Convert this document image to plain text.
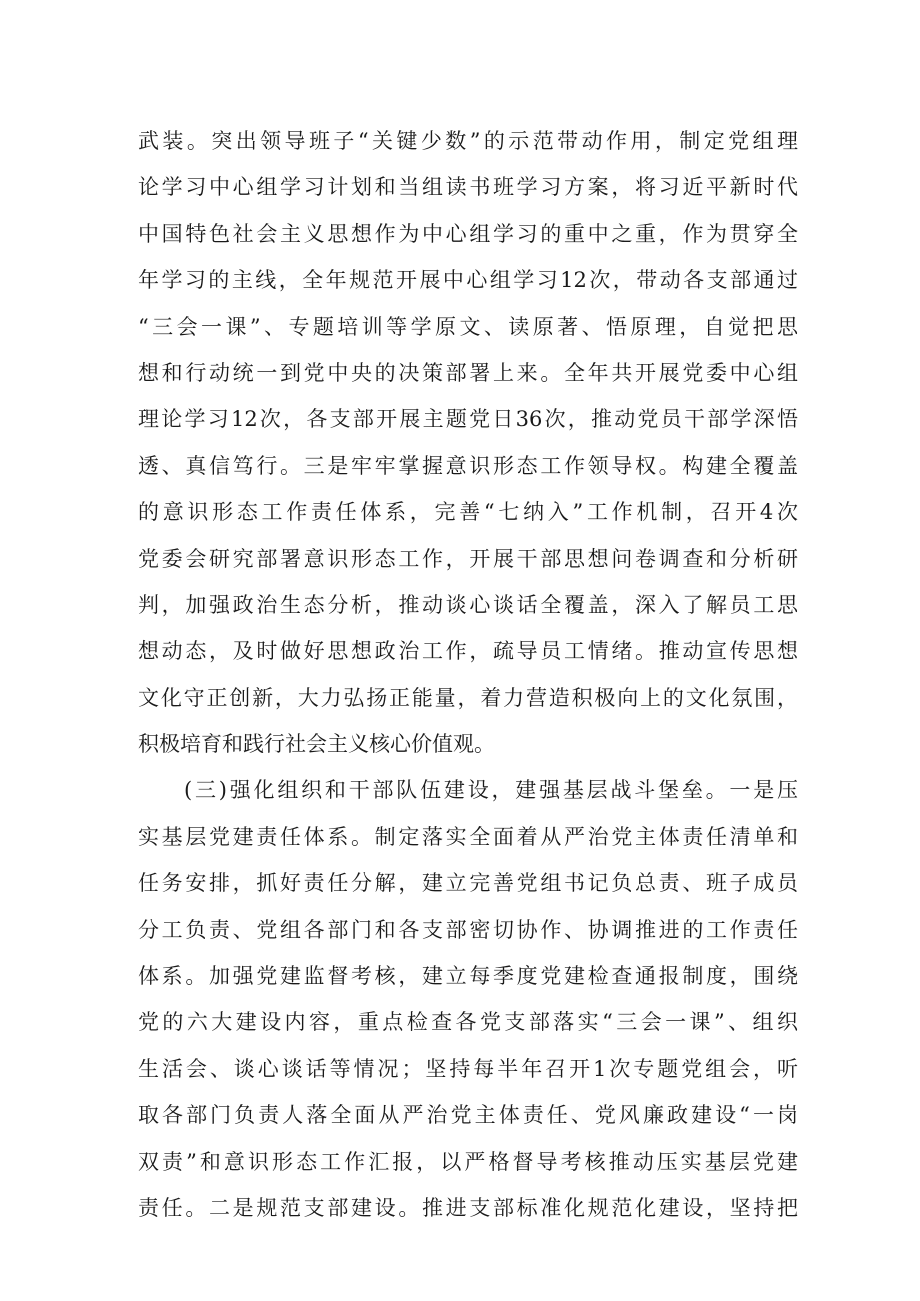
武装。突出领导班子“关键少数”的示范带动作用，制定党组理
论学习中心组学习计划和当组读书班学习方案，将习近平新时代
中国特色社会主义思想作为中心组学习的重中之重，作为贯穿全
年学习的主线，全年规范开展中心组学习12次，带动各支部通过
“三会一课”、专题培训等学原文、读原著、悟原理，自觉把思
想和行动统一到党中央的决策部署上来。全年共开展党委中心组
理论学习12次，各支部开展主题党日36次，推动党员干部学深悟
透、真信笃行。三是牢牢掌握意识形态工作领导权。构建全覆盖
的意识形态工作责任体系，完善“七纳入”工作机制，召开4次
党委会研究部署意识形态工作，开展干部思想问卷调查和分析研
判，加强政治生态分析，推动谈心谈话全覆盖，深入了解员工思
想动态，及时做好思想政治工作，疏导员工情绪。推动宣传思想
文化守正创新，大力弘扬正能量，着力营造积极向上的文化氛围，
积极培育和践行社会主义核心价值观。
(三)强化组织和干部队伍建设，建强基层战斗堡垒。一是压
实基层党建责任体系。制定落实全面着从严治党主体责任清单和
任务安排，抓好责任分解，建立完善党组书记负总责、班子成员
分工负责、党组各部门和各支部密切协作、协调推进的工作责任
体系。加强党建监督考核，建立每季度党建检查通报制度，围绕
党的六大建设内容，重点检查各党支部落实“三会一课”、组织
生活会、谈心谈话等情况；坚持每半年召开1次专题党组会，听
取各部门负责人落全面从严治党主体责任、党风廉政建设“一岗
双责”和意识形态工作汇报，以严格督导考核推动压实基层党建
责任。二是规范支部建设。推进支部标准化规范化建设，坚持把
